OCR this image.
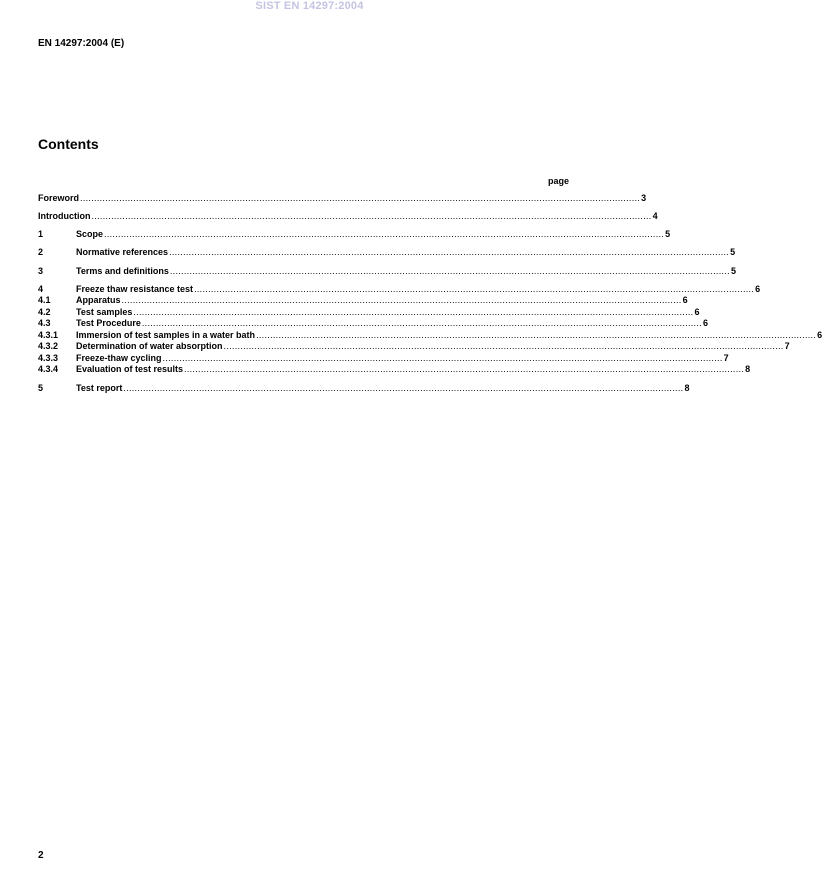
SIST EN 14297:2004
EN 14297:2004 (E)
Contents
page
Foreword ........................................................................................................................................................................................................ 3
Introduction ........................................................................................................................................................................................................ 4
1	Scope ........................................................................................................................................................................................................ 5
2	Normative references ........................................................................................................................................................................................................ 5
3	Terms and definitions ........................................................................................................................................................................................................ 5
4	Freeze thaw resistance test ........................................................................................................................................................................................................ 6
4.1	Apparatus ........................................................................................................................................................................................................ 6
4.2	Test samples ........................................................................................................................................................................................................ 6
4.3	Test Procedure ........................................................................................................................................................................................................ 6
4.3.1	Immersion of test samples in a water bath ........................................................................................................................................................................................................ 6
4.3.2	Determination of water absorption ........................................................................................................................................................................................................ 7
4.3.3	Freeze-thaw cycling ........................................................................................................................................................................................................ 7
4.3.4	Evaluation of test results ........................................................................................................................................................................................................ 8
5	Test report ........................................................................................................................................................................................................ 8
2
